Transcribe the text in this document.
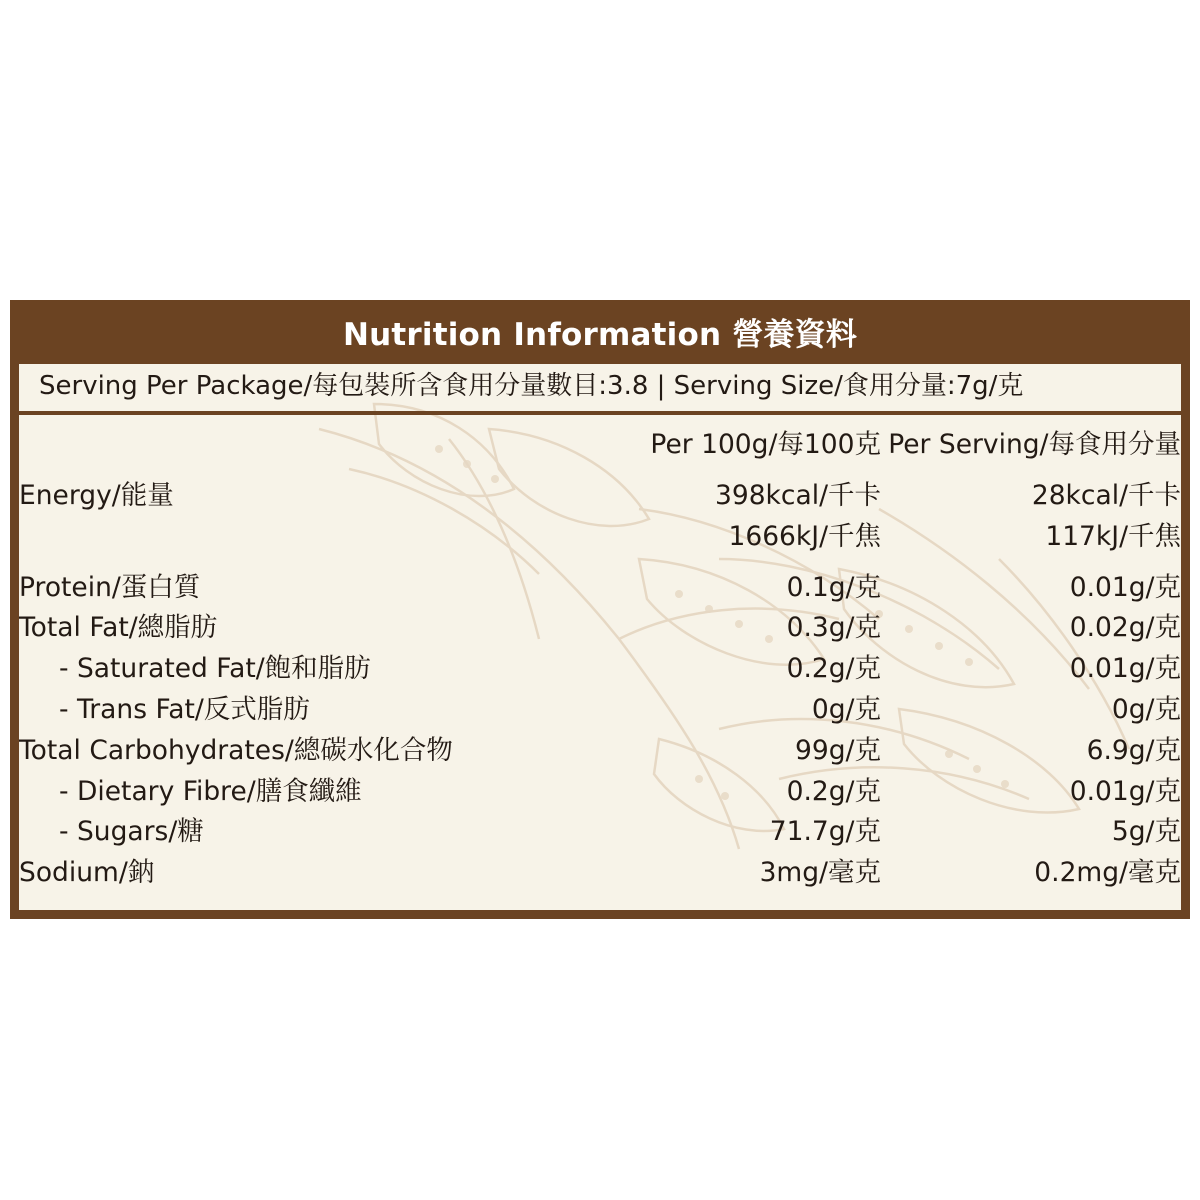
Nutrition Information 營養資料
Serving Per Package/每包裝所含食用分量數目:3.8 | Serving Size/食用分量:7g/克
	Per 100g/每100克	Per Serving/每食用分量
Energy/能量	398kcal/千卡	28kcal/千卡
	1666kJ/千焦	117kJ/千焦
Protein/蛋白質	0.1g/克	0.01g/克
Total Fat/總脂肪	0.3g/克	0.02g/克
- Saturated Fat/飽和脂肪	0.2g/克	0.01g/克
- Trans Fat/反式脂肪	0g/克	0g/克
Total Carbohydrates/總碳水化合物	99g/克	6.9g/克
- Dietary Fibre/膳食纖維	0.2g/克	0.01g/克
- Sugars/糖	71.7g/克	5g/克
Sodium/鈉	3mg/毫克	0.2mg/毫克
